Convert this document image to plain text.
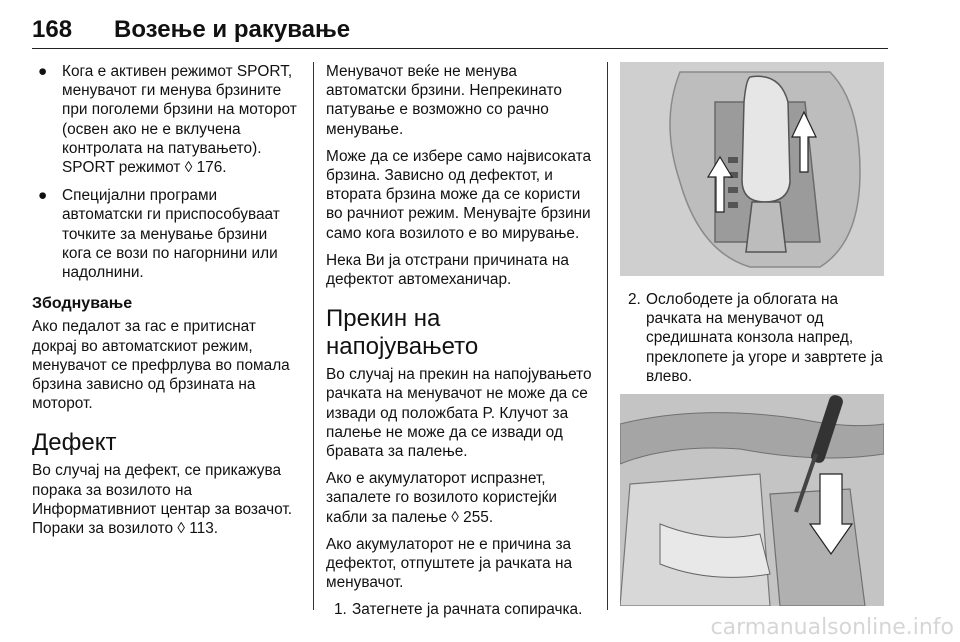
168 Возење и ракување
● Кога е активен режимот SPORT, менувачот ги менува брзините при поголеми брзини на моторот (освен ако не е вклучена контролата на патувањето). SPORT режимот ◊ 176.
● Специјални програми автоматски ги приспособуваат точките за менување брзини кога се вози по нагорнини или надолнини.
Збоднување

Ако педалот за гас е притиснат докрај во автоматскиот режим, менувачот се префрлува во помала брзина зависно од брзината на моторот.

Дефект

Во случај на дефект, се прикажува порака за возилото на Информативниот центар за возачот. Пораки за возилото ◊ 113.

Менувачот веќе не менува автоматски брзини. Непрекинато патување е возможно со рачно менување.

Може да се избере само највисоката брзина. Зависно од дефектот, и втората брзина може да се користи во рачниот режим. Менувајте брзини само кога возилото е во мирување.

Нека Ви ја отстрани причината на дефектот автомеханичар.

Прекин на напојувањето

Во случај на прекин на напојувањето рачката на менувачот не може да се извади од положбата P. Клучот за палење не може да се извади од бравата за палење.

Ако е акумулаторот испразнет, запалете го возилото користејќи кабли за палење ◊ 255.

Ако акумулаторот не е причина за дефектот, отпуштете ја рачката на менувачот.

1. Затегнете ја рачната сопирачка.
2. Ослободете ја облогата на рачката на менувачот од средишната конзола напред, преклопете ја угоре и завртете ја влево.
carmanualsonline.info
